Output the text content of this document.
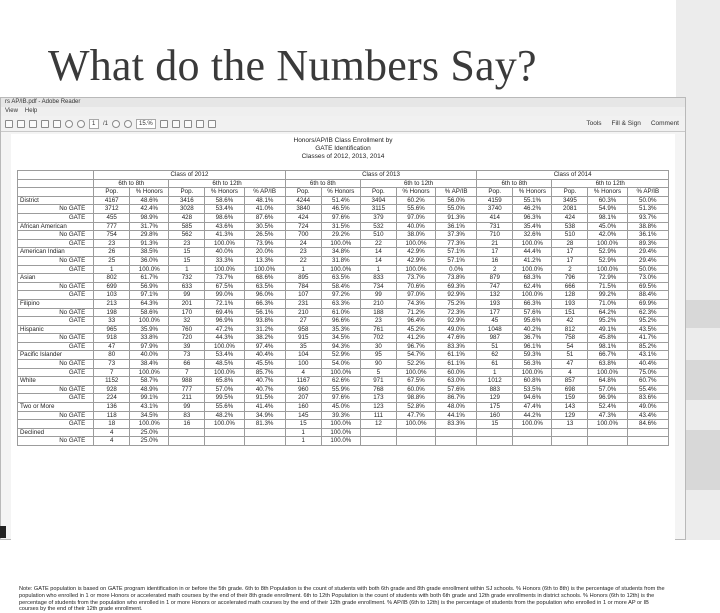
What do the Numbers Say?
rs AP/IB.pdf - Adobe Reader
View Help
1	/1	15.%	Tools Fill & Sign Comment
Honors/AP/IB Class Enrollment by
GATE Identification
Classes of 2012, 2013, 2014
	Class of 2012					Class of 2013					Class of 2014				
	6th to 8th		6th to 12th			6th to 8th		6th to 12th			6th to 8th		6th to 12th		
	Pop.	% Honors	Pop.	% Honors	% AP/IB	Pop.	% Honors	Pop.	% Honors	% AP/IB	Pop.	% Honors	Pop.	% Honors	% AP/IB
District	4167	48.6%	3416	58.6%	48.1%	4244	51.4%	3494	60.2%	56.0%	4159	55.1%	3495	60.3%	50.0%
No GATE	3712	42.4%	3028	53.4%	41.0%	3840	46.5%	3115	55.6%	55.0%	3740	46.2%	2081	54.9%	51.3%
GATE	455	98.9%	428	98.6%	87.6%	424	97.6%	379	97.0%	91.3%	414	96.3%	424	98.1%	93.7%
African American	777	31.7%	585	43.6%	30.5%	724	31.5%	532	40.0%	36.1%	731	35.4%	538	45.0%	38.8%
No GATE	754	29.8%	562	41.3%	26.5%	700	29.2%	510	38.0%	37.3%	710	32.6%	510	42.0%	36.1%
GATE	23	91.3%	23	100.0%	73.9%	24	100.0%	22	100.0%	77.3%	21	100.0%	28	100.0%	89.3%
American Indian	26	38.5%	15	40.0%	20.0%	23	34.8%	14	42.9%	57.1%	17	44.4%	17	52.9%	29.4%
No GATE	25	36.0%	15	33.3%	13.3%	22	31.8%	14	42.9%	57.1%	16	41.2%	17	52.9%	29.4%
GATE	1	100.0%	1	100.0%	100.0%	1	100.0%	1	100.0%	0.0%	2	100.0%	2	100.0%	50.0%
Asian	802	61.7%	732	73.7%	68.6%	895	63.5%	833	73.7%	73.8%	879	68.3%	796	72.9%	73.0%
No GATE	699	56.9%	633	67.5%	63.5%	784	58.4%	734	70.6%	69.3%	747	62.4%	666	71.5%	69.5%
GATE	103	97.1%	99	99.0%	96.0%	107	97.2%	99	97.0%	92.9%	132	100.0%	128	99.2%	88.4%
Filipino	213	64.3%	201	72.1%	66.3%	231	63.3%	210	74.3%	75.2%	193	66.3%	193	71.0%	69.9%
No GATE	198	58.6%	170	69.4%	56.1%	210	61.0%	188	71.2%	72.3%	177	57.6%	151	64.2%	62.3%
GATE	33	100.0%	32	96.9%	93.8%	27	96.6%	23	96.4%	92.9%	45	95.6%	42	95.2%	95.2%
Hispanic	965	35.9%	760	47.2%	31.2%	958	35.3%	761	45.2%	49.0%	1048	40.2%	812	49.1%	43.5%
No GATE	918	33.8%	720	44.3%	38.2%	915	34.5%	702	41.2%	47.6%	987	36.7%	758	45.8%	41.7%
GATE	47	97.9%	39	100.0%	97.4%	35	94.3%	30	96.7%	83.3%	51	96.1%	54	98.1%	85.2%
Pacific Islander	80	40.0%	73	53.4%	40.4%	104	52.9%	95	54.7%	61.1%	62	59.3%	51	66.7%	43.1%
No GATE	73	38.4%	66	48.5%	45.5%	100	54.0%	90	52.2%	61.1%	61	56.3%	47	63.8%	40.4%
GATE	7	100.0%	7	100.0%	85.7%	4	100.0%	5	100.0%	60.0%	1	100.0%	4	100.0%	75.0%
White	1152	58.7%	988	65.8%	40.7%	1167	62.6%	971	67.5%	63.0%	1012	60.8%	857	64.8%	60.7%
No GATE	928	48.9%	777	57.0%	40.7%	960	55.9%	768	60.0%	57.6%	883	53.5%	698	57.0%	55.4%
GATE	224	99.1%	211	99.5%	91.5%	207	97.6%	173	98.8%	86.7%	129	94.6%	159	96.9%	83.6%
Two or More	136	43.1%	99	55.6%	41.4%	160	45.0%	123	52.8%	48.0%	175	47.4%	143	52.4%	49.0%
No GATE	118	34.5%	83	48.2%	34.9%	145	39.3%	111	47.7%	44.1%	160	44.2%	129	47.3%	43.4%
GATE	18	100.0%	16	100.0%	81.3%	15	100.0%	12	100.0%	83.3%	15	100.0%	13	100.0%	84.6%
Declined	4	25.0%				1	100.0%								
No GATE	4	25.0%				1	100.0%								
Note: GATE population is based on GATE program identification in or before the 5th grade. 6th to 8th Population is the count of students with both 6th grade and 8th grade enrollment within SJ schools. % Honors (6th to 8th) is the percentage of students from the population who enrolled in 1 or more Honors or accelerated math courses by the end of their 8th grade enrollment. 6th to 12th Population is the count of students with both 6th grade and 12th grade enrollments in district schools. % Honors (6th to 12th) is the percentage of students from the population who enrolled in 1 or more Honors or accelerated math courses by the end of their 12th grade enrollment. % AP/IB (6th to 12th) is the percentage of students from the population who enrolled in 1 or more AP or IB courses by the end of their 12th grade enrollment.
